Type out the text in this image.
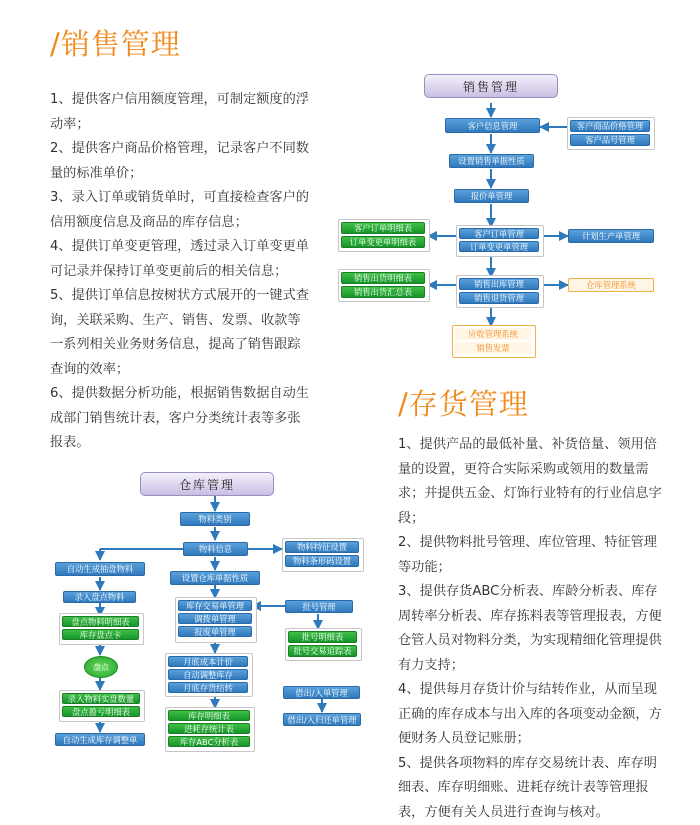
/销售管理

1、提供客户信用额度管理，可制定额度的浮动率；

2、提供客户商品价格管理，记录客户不同数量的标准单价；

3、录入订单或销货单时，可直接检查客户的信用额度信息及商品的库存信息；

4、提供订单变更管理，透过录入订单变更单可记录并保持订单变更前后的相关信息；

5、提供订单信息按树状方式展开的一键式查询，关联采购、生产、销售、发票、收款等一系列相关业务财务信息，提高了销售跟踪查询的效率；

6、提供数据分析功能，根据销售数据自动生成部门销售统计表，客户分类统计表等多张报表。

/存货管理

1、提供产品的最低补量、补货倍量、领用倍量的设置，更符合实际采购或领用的数量需求；并提供五金、灯饰行业特有的行业信息字段；

2、提供物料批号管理、库位管理、特征管理等功能；

3、提供存货ABC分析表、库龄分析表、库存周转率分析表、库存拣料表等管理报表，方便仓管人员对物料分类，为实现精细化管理提供有力支持；

4、提供每月存货计价与结转作业，从而呈现正确的库存成本与出入库的各项变动金额，方便财务人员登记账册；

5、提供各项物料的库存交易统计表、库存明细表、库存明细账、进耗存统计表等管理报表，方便有关人员进行查询与核对。

销售管理
客户信息管理	客户商品价格管理
客户品号管理
设置销售单据性质
报价单管理
客户订单明细表
订单变更单明细表
客户订单管理
订单变更单管理
计划生产单管理
销售出货明细表
销售出货汇总表
销售出库管理
销售退货管理
仓库管理系统
应收管理系统
销售发票
仓库管理
物料类别
物料信息	物料特征设置
物料条形码设置
自动生成抽盘物料
设置仓库单据性质
录入盘点物料
盘点物料明细表
库存盘点卡
库存交易单管理
调拨单管理
报废单管理
批号管理
批号明细表
批号交易追踪表
盘点
月底成本计价
自动调整库存
月底存货结转	借出/入单管理
录入物料实盘数量
盘点盈亏明细表	库存明细表
进耗存统计表
库存ABC分析表
借出/入归还单管理
自动生成库存调整单
